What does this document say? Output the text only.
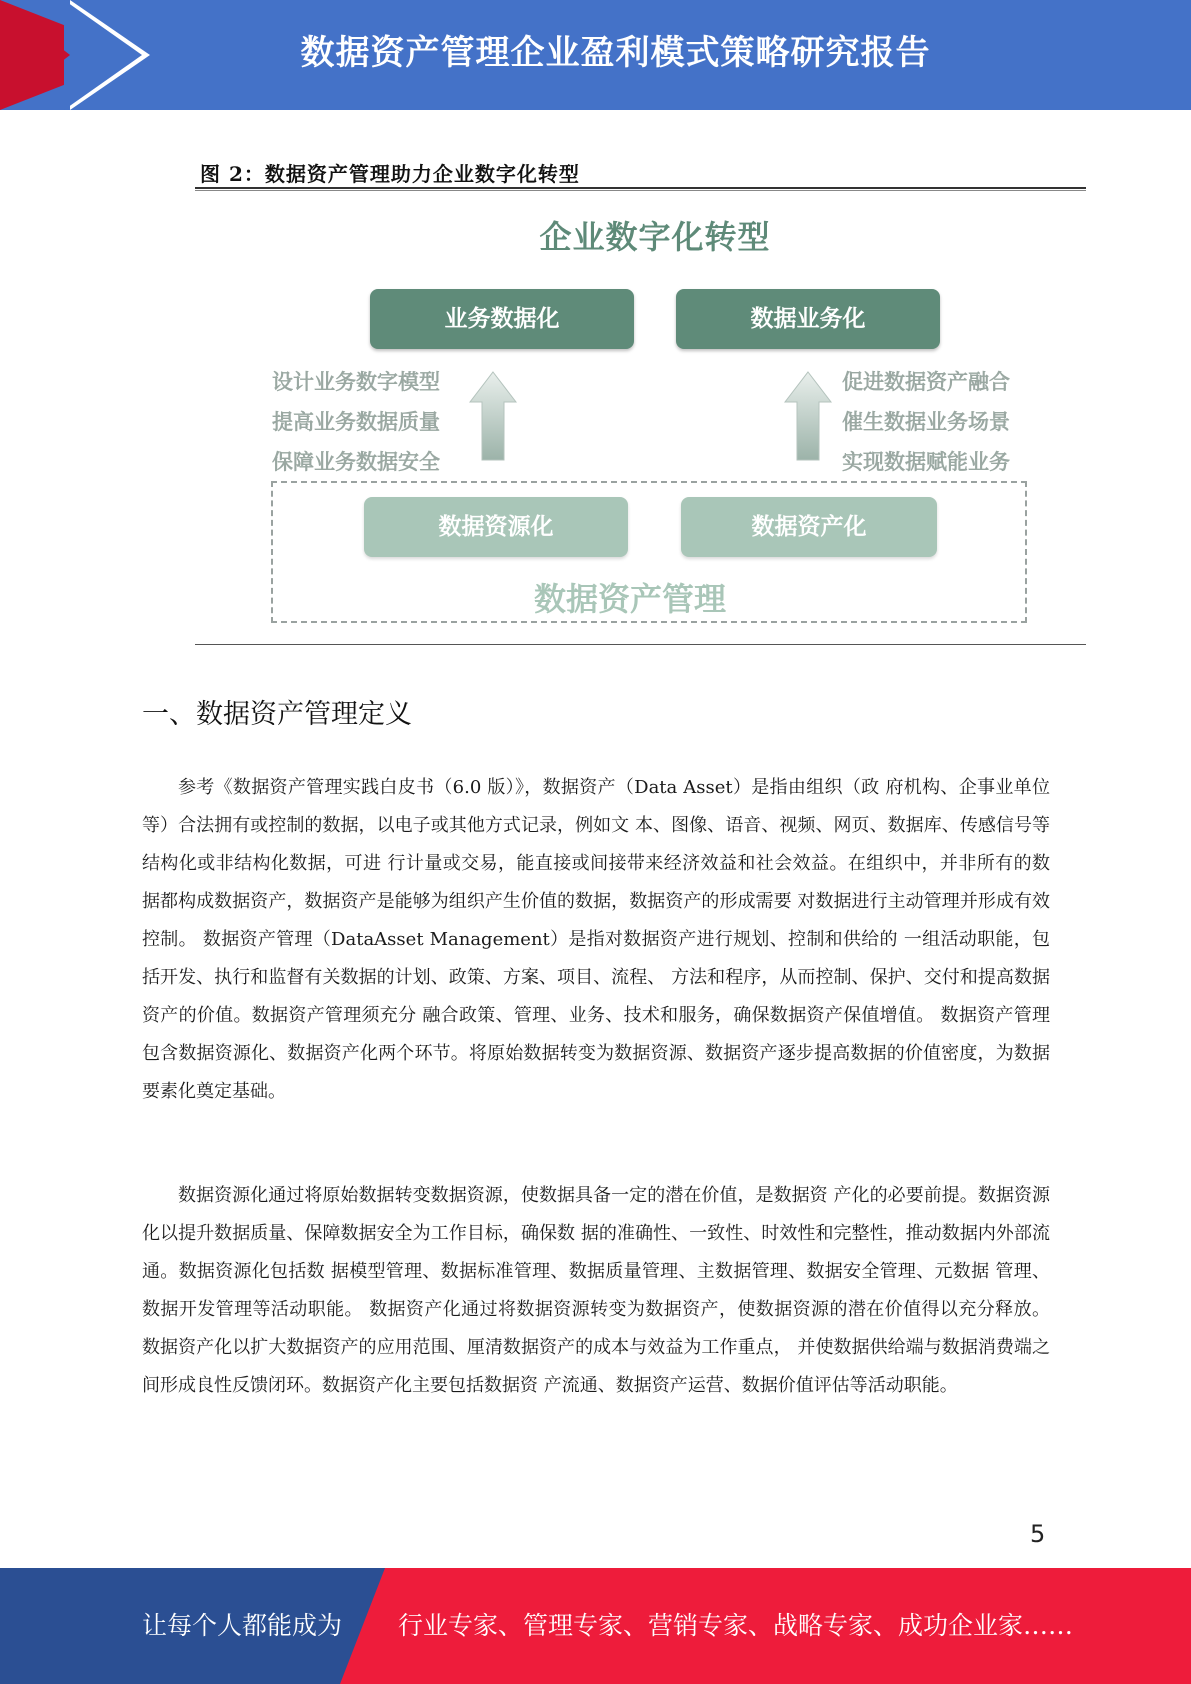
数据资产管理企业盈利模式策略研究报告
图 2：数据资产管理助力企业数字化转型
企业数字化转型
业务数据化	数据业务化
设计业务数字模型
提高业务数据质量
保障业务数据安全
促进数据资产融合
催生数据业务场景
实现数据赋能业务
数据资源化	数据资产化
数据资产管理
一、数据资产管理定义

参考《数据资产管理实践白皮书（6.0 版）》，数据资产（Data Asset）是指由组织（政 府机构、企事业单位等）合法拥有或控制的数据，以电子或其他方式记录，例如文 本、图像、语音、视频、网页、数据库、传感信号等结构化或非结构化数据，可进 行计量或交易，能直接或间接带来经济效益和社会效益。在组织中，并非所有的数 据都构成数据资产，数据资产是能够为组织产生价值的数据，数据资产的形成需要 对数据进行主动管理并形成有效控制。 数据资产管理（DataAsset Management）是指对数据资产进行规划、控制和供给的 一组活动职能，包括开发、执行和监督有关数据的计划、政策、方案、项目、流程、 方法和程序，从而控制、保护、交付和提高数据资产的价值。数据资产管理须充分 融合政策、管理、业务、技术和服务，确保数据资产保值增值。 数据资产管理包含数据资源化、数据资产化两个环节。将原始数据转变为数据资源、数据资产逐步提高数据的价值密度，为数据要素化奠定基础。

数据资源化通过将原始数据转变数据资源，使数据具备一定的潜在价值，是数据资 产化的必要前提。数据资源化以提升数据质量、保障数据安全为工作目标，确保数 据的准确性、一致性、时效性和完整性，推动数据内外部流通。数据资源化包括数 据模型管理、数据标准管理、数据质量管理、主数据管理、数据安全管理、元数据 管理、数据开发管理等活动职能。 数据资产化通过将数据资源转变为数据资产，使数据资源的潜在价值得以充分释放。 数据资产化以扩大数据资产的应用范围、厘清数据资产的成本与效益为工作重点， 并使数据供给端与数据消费端之间形成良性反馈闭环。数据资产化主要包括数据资 产流通、数据资产运营、数据价值评估等活动职能。

5
让每个人都能成为 行业专家、管理专家、营销专家、战略专家、成功企业家……
